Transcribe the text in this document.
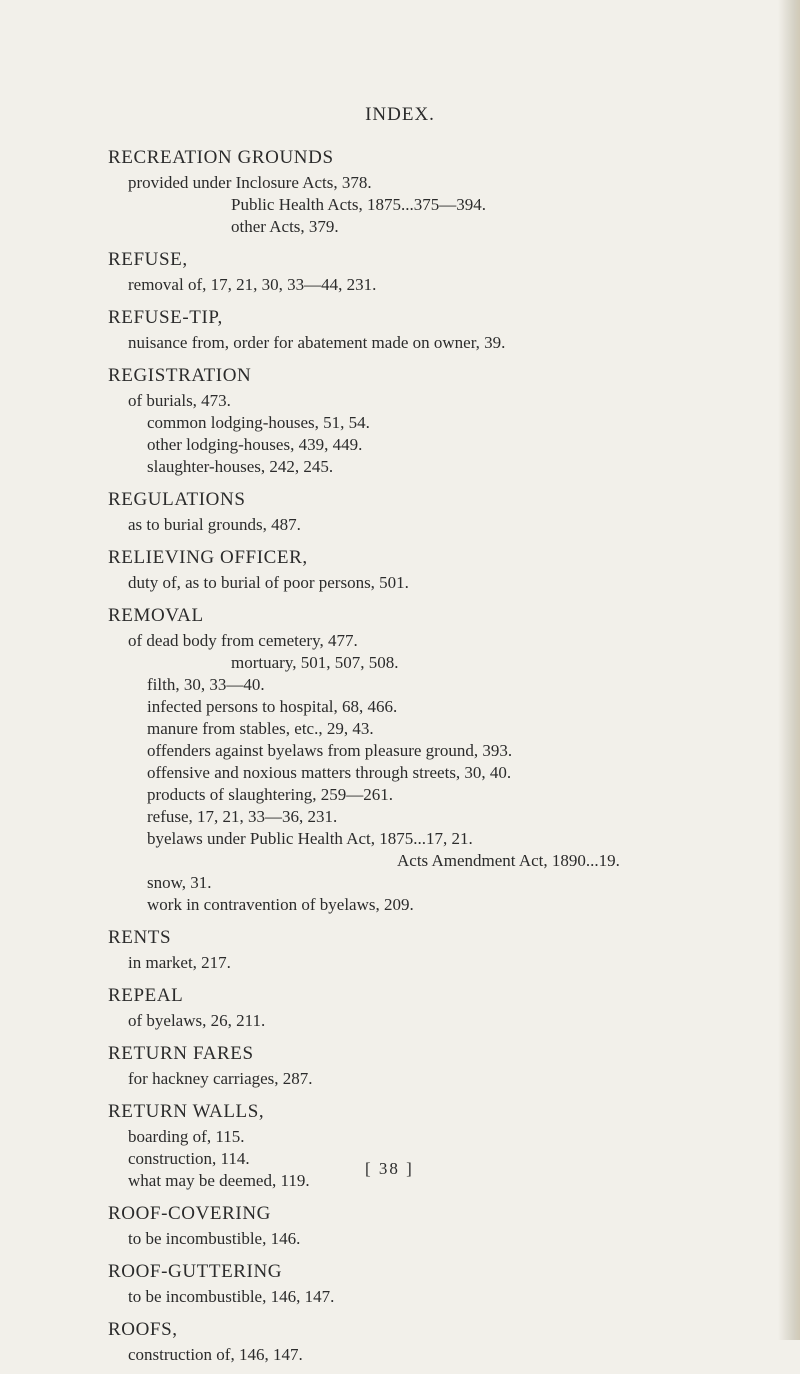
INDEX.
RECREATION GROUNDS
provided under Inclosure Acts, 378.
Public Health Acts, 1875...375—394.
other Acts, 379.
REFUSE,
removal of, 17, 21, 30, 33—44, 231.
REFUSE-TIP,
nuisance from, order for abatement made on owner, 39.
REGISTRATION
of burials, 473.
common lodging-houses, 51, 54.
other lodging-houses, 439, 449.
slaughter-houses, 242, 245.
REGULATIONS
as to burial grounds, 487.
RELIEVING OFFICER,
duty of, as to burial of poor persons, 501.
REMOVAL
of dead body from cemetery, 477.
mortuary, 501, 507, 508.
filth, 30, 33—40.
infected persons to hospital, 68, 466.
manure from stables, etc., 29, 43.
offenders against byelaws from pleasure ground, 393.
offensive and noxious matters through streets, 30, 40.
products of slaughtering, 259—261.
refuse, 17, 21, 33—36, 231.
byelaws under Public Health Act, 1875...17, 21.
Acts Amendment Act, 1890...19.
snow, 31.
work in contravention of byelaws, 209.
RENTS
in market, 217.
REPEAL
of byelaws, 26, 211.
RETURN FARES
for hackney carriages, 287.
RETURN WALLS,
boarding of, 115.
construction, 114.
what may be deemed, 119.
ROOF-COVERING
to be incombustible, 146.
ROOF-GUTTERING
to be incombustible, 146, 147.
ROOFS,
construction of, 146, 147.
[ 38 ]
